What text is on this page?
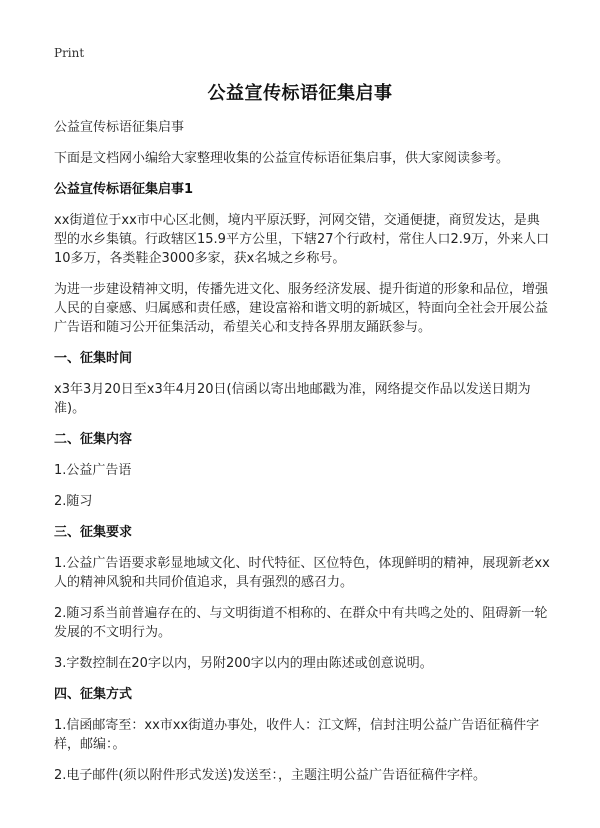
Print
公益宣传标语征集启事

公益宣传标语征集启事

下面是文档网小编给大家整理收集的公益宣传标语征集启事，供大家阅读参考。

公益宣传标语征集启事1

xx街道位于xx市中心区北侧，境内平原沃野，河网交错，交通便捷，商贸发达，是典型的水乡集镇。行政辖区15.9平方公里，下辖27个行政村，常住人口2.9万，外来人口10多万，各类鞋企3000多家，获x名城之乡称号。

为进一步建设精神文明，传播先进文化、服务经济发展、提升街道的形象和品位，增强人民的自豪感、归属感和责任感，建设富裕和谐文明的新城区，特面向全社会开展公益广告语和随习公开征集活动，希望关心和支持各界朋友踊跃参与。

一、征集时间

x3年3月20日至x3年4月20日(信函以寄出地邮戳为准，网络提交作品以发送日期为准)。

二、征集内容

1.公益广告语

2.随习

三、征集要求

1.公益广告语要求彰显地域文化、时代特征、区位特色，体现鲜明的精神，展现新老xx人的精神风貌和共同价值追求，具有强烈的感召力。

2.随习系当前普遍存在的、与文明街道不相称的、在群众中有共鸣之处的、阻碍新一轮发展的不文明行为。

3.字数控制在20字以内，另附200字以内的理由陈述或创意说明。

四、征集方式

1.信函邮寄至：xx市xx街道办事处，收件人：江文辉，信封注明公益广告语征稿件字样，邮编：。

2.电子邮件(须以附件形式发送)发送至：，主题注明公益广告语征稿件字样。
